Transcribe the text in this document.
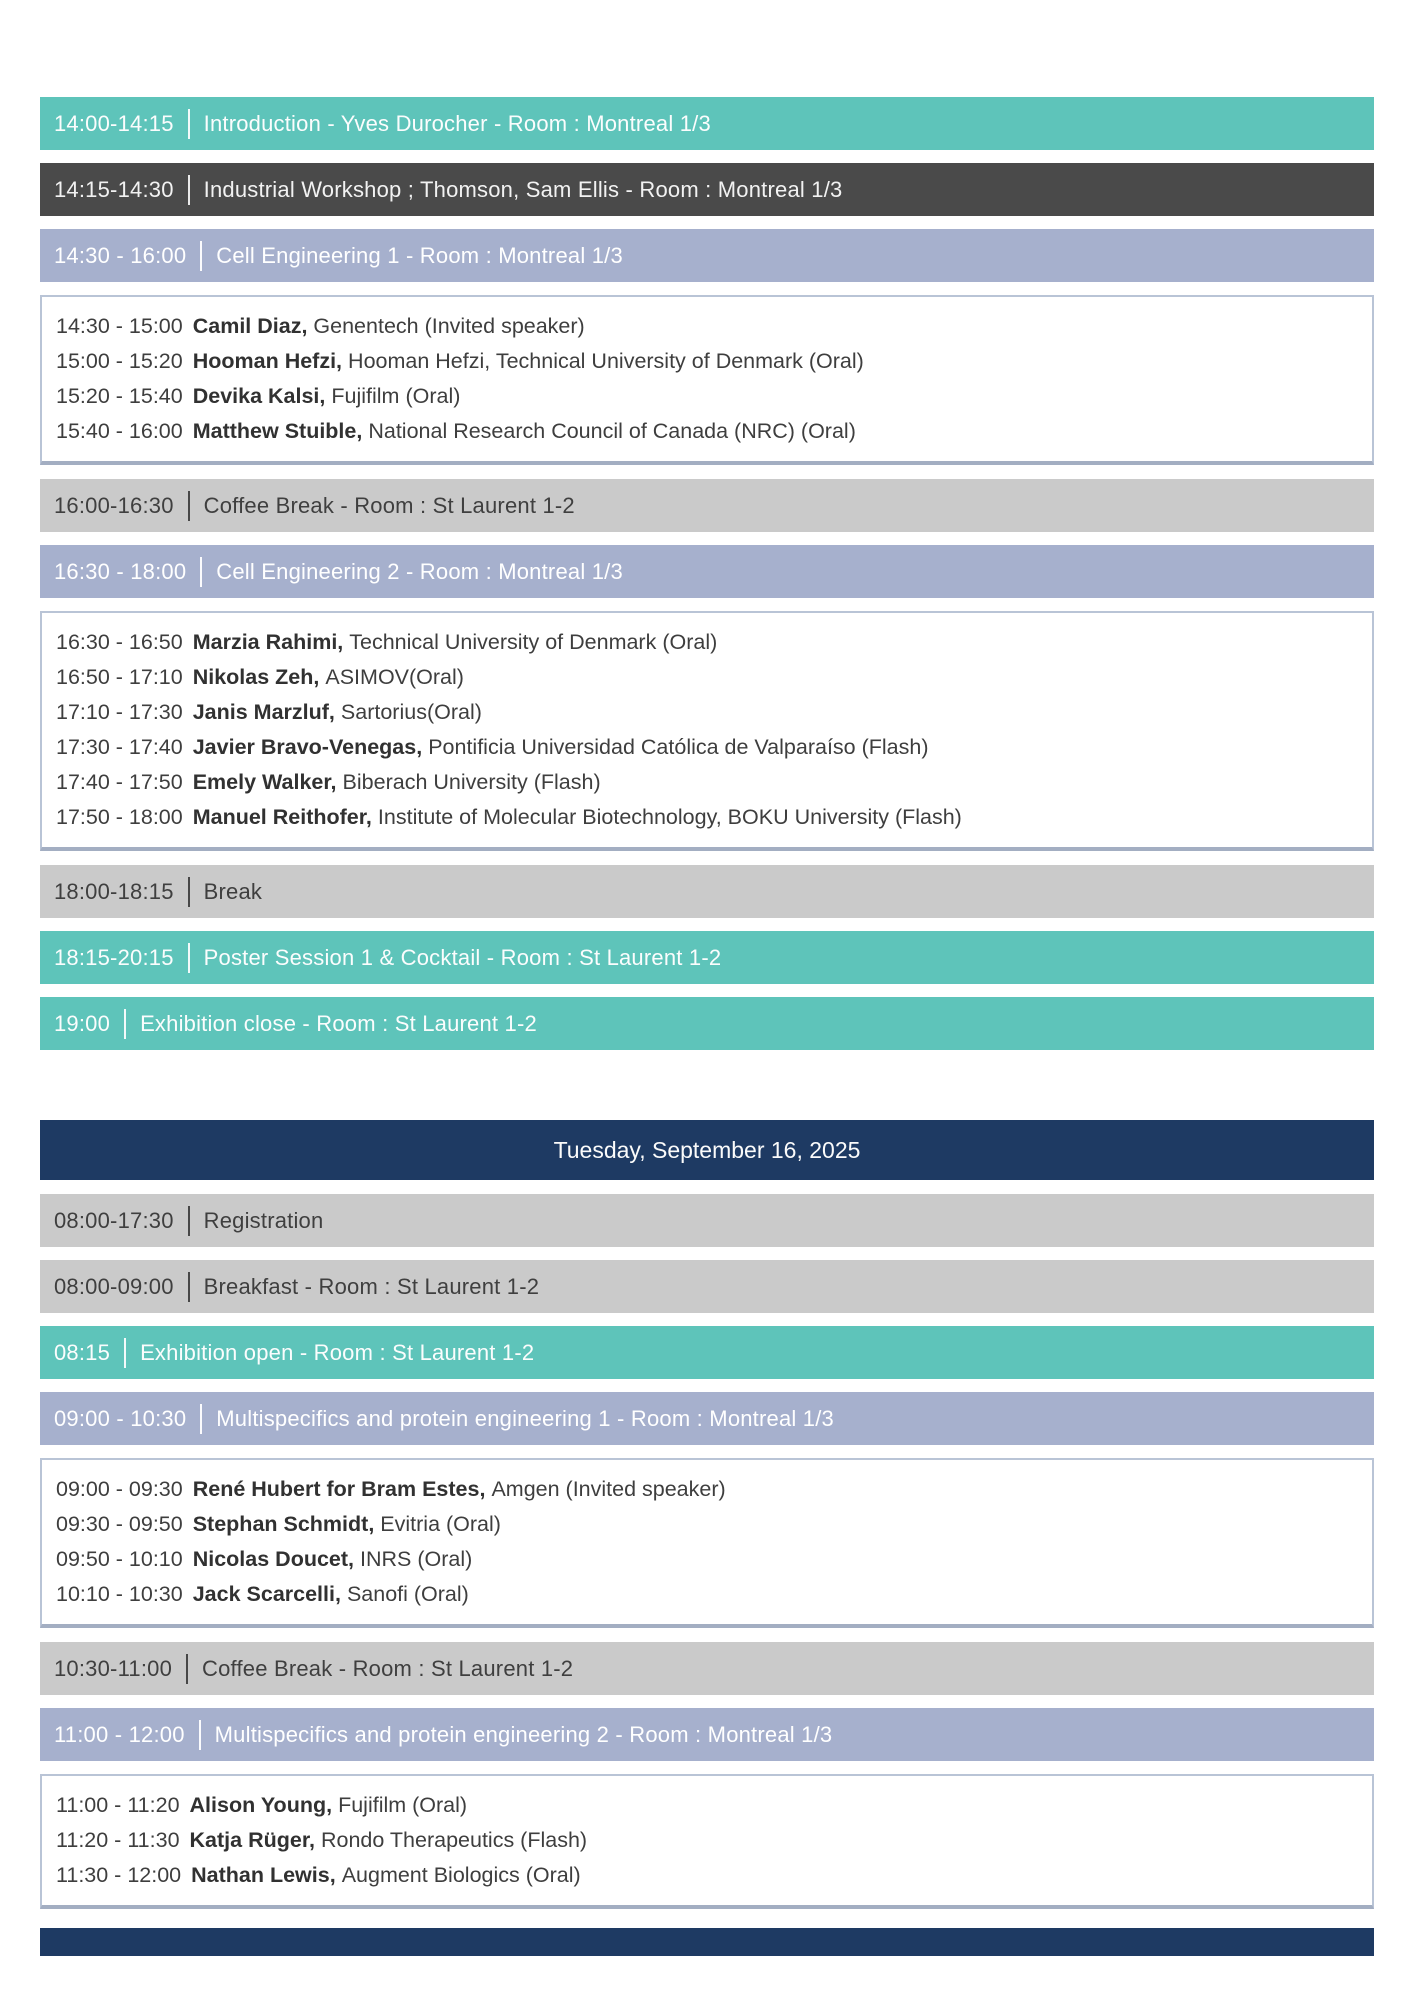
14:00-14:15 Introduction - Yves Durocher - Room : Montreal 1/3
14:15-14:30 Industrial Workshop ; Thomson, Sam Ellis - Room : Montreal 1/3
14:30 - 16:00 Cell Engineering 1 - Room : Montreal 1/3
14:30 - 15:00 Camil Diaz, Genentech (Invited speaker)
15:00 - 15:20 Hooman Hefzi, Hooman Hefzi, Technical University of Denmark (Oral)
15:20 - 15:40 Devika Kalsi, Fujifilm (Oral)
15:40 - 16:00 Matthew Stuible, National Research Council of Canada (NRC) (Oral)
16:00-16:30 Coffee Break - Room : St Laurent 1-2
16:30 - 18:00 Cell Engineering 2 - Room : Montreal 1/3
16:30 - 16:50 Marzia Rahimi, Technical University of Denmark (Oral)
16:50 - 17:10 Nikolas Zeh, ASIMOV(Oral)
17:10 - 17:30 Janis Marzluf, Sartorius(Oral)
17:30 - 17:40 Javier Bravo-Venegas, Pontificia Universidad Católica de Valparaíso (Flash)
17:40 - 17:50 Emely Walker, Biberach University (Flash)
17:50 - 18:00 Manuel Reithofer, Institute of Molecular Biotechnology, BOKU University (Flash)
18:00-18:15 Break
18:15-20:15 Poster Session 1 & Cocktail - Room : St Laurent 1-2
19:00 Exhibition close - Room : St Laurent 1-2
Tuesday, September 16, 2025
08:00-17:30 Registration
08:00-09:00 Breakfast - Room : St Laurent 1-2
08:15 Exhibition open - Room : St Laurent 1-2
09:00 - 10:30 Multispecifics and protein engineering 1 - Room : Montreal 1/3
09:00 - 09:30 René Hubert for Bram Estes, Amgen (Invited speaker)
09:30 - 09:50 Stephan Schmidt, Evitria (Oral)
09:50 - 10:10 Nicolas Doucet, INRS (Oral)
10:10 - 10:30 Jack Scarcelli, Sanofi (Oral)
10:30-11:00 Coffee Break - Room : St Laurent 1-2
11:00 - 12:00 Multispecifics and protein engineering 2 - Room : Montreal 1/3
11:00 - 11:20 Alison Young, Fujifilm (Oral)
11:20 - 11:30 Katja Rüger, Rondo Therapeutics (Flash)
11:30 - 12:00 Nathan Lewis, Augment Biologics (Oral)
